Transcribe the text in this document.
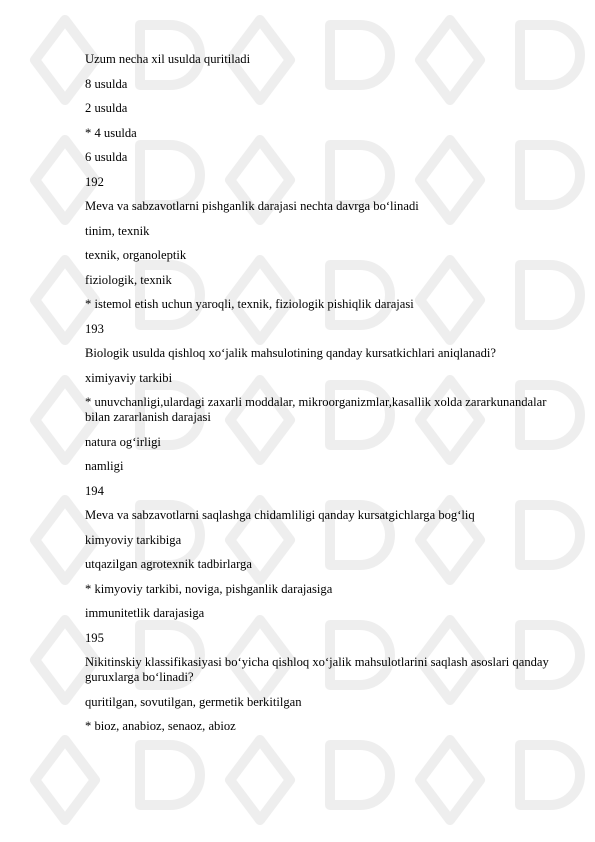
Uzum necha xil usulda quritiladi
8 usulda
2 usulda
* 4 usulda
6 usulda
192
Meva va sabzavotlarni pishganlik darajasi nechta davrga bo‘linadi
tinim, texnik
texnik, organoleptik
fiziologik, texnik
* istemol etish uchun yaroqli, texnik, fiziologik pishiqlik darajasi
193
Biologik usulda qishloq xo‘jalik mahsulotining qanday kursatkichlari aniqlanadi?
ximiyaviy tarkibi
* unuvchanligi,ulardagi zaxarli moddalar, mikroorganizmlar,kasallik xolda zararkunandalar bilan zararlanish darajasi
natura og‘irligi
namligi
194
Meva va sabzavotlarni saqlashga chidamliligi qanday kursatgichlarga bog‘liq
kimyoviy tarkibiga
utqazilgan agrotexnik tadbirlarga
* kimyoviy tarkibi, noviga, pishganlik darajasiga
immunitetlik darajasiga
195
Nikitinskiy klassifikasiyasi bo‘yicha qishloq xo‘jalik mahsulotlarini saqlash asoslari qanday guruxlarga bo‘linadi?
quritilgan, sovutilgan, germetik berkitilgan
* bioz, anabioz, senaoz, abioz
